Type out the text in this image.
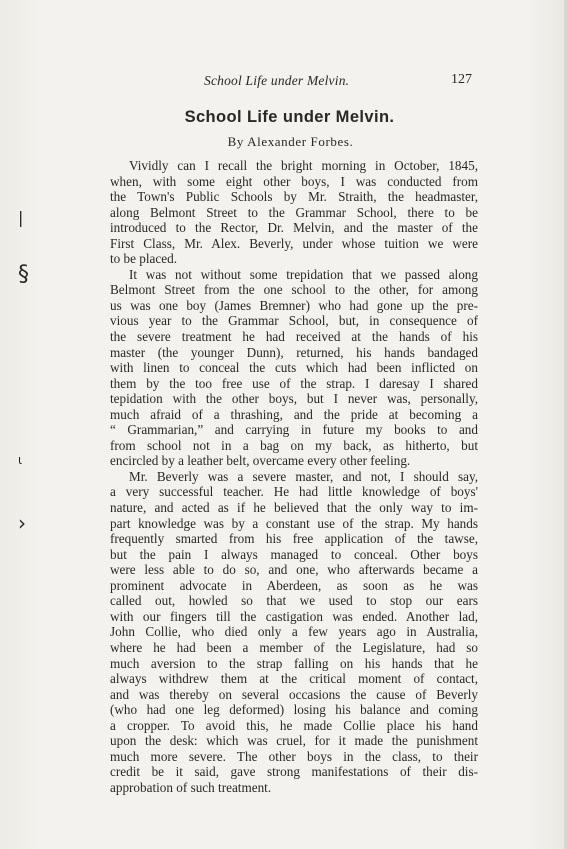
School Life under Melvin.	127
School Life under Melvin.
By Alexander Forbes.

Vividly can I recall the bright morning in October, 1845,
when, with some eight other boys, I was conducted from
the Town's Public Schools by Mr. Straith, the headmaster,
along Belmont Street to the Grammar School, there to be
introduced to the Rector, Dr. Melvin, and the master of the
First Class, Mr. Alex. Beverly, under whose tuition we were
to be placed.

It was not without some trepidation that we passed along
Belmont Street from the one school to the other, for among
us was one boy (James Bremner) who had gone up the pre-
vious year to the Grammar School, but, in consequence of
the severe treatment he had received at the hands of his
master (the younger Dunn), returned, his hands bandaged
with linen to conceal the cuts which had been inflicted on
them by the too free use of the strap. I daresay I shared
tepidation with the other boys, but I never was, personally,
much afraid of a thrashing, and the pride at becoming a
“ Grammarian,” and carrying in future my books to and
from school not in a bag on my back, as hitherto, but
encircled by a leather belt, overcame every other feeling.

Mr. Beverly was a severe master, and not, I should say,
a very successful teacher. He had little knowledge of boys'
nature, and acted as if he believed that the only way to im-
part knowledge was by a constant use of the strap. My hands
frequently smarted from his free application of the tawse,
but the pain I always managed to conceal. Other boys
were less able to do so, and one, who afterwards became a
prominent advocate in Aberdeen, as soon as he was
called out, howled so that we used to stop our ears
with our fingers till the castigation was ended. Another lad,
John Collie, who died only a few years ago in Australia,
where he had been a member of the Legislature, had so
much aversion to the strap falling on his hands that he
always withdrew them at the critical moment of contact,
and was thereby on several occasions the cause of Beverly
(who had one leg deformed) losing his balance and coming
a cropper. To avoid this, he made Collie place his hand
upon the desk: which was cruel, for it made the punishment
much more severe. The other boys in the class, to their
credit be it said, gave strong manifestations of their dis-
approbation of such treatment.

|
§
ι
›
